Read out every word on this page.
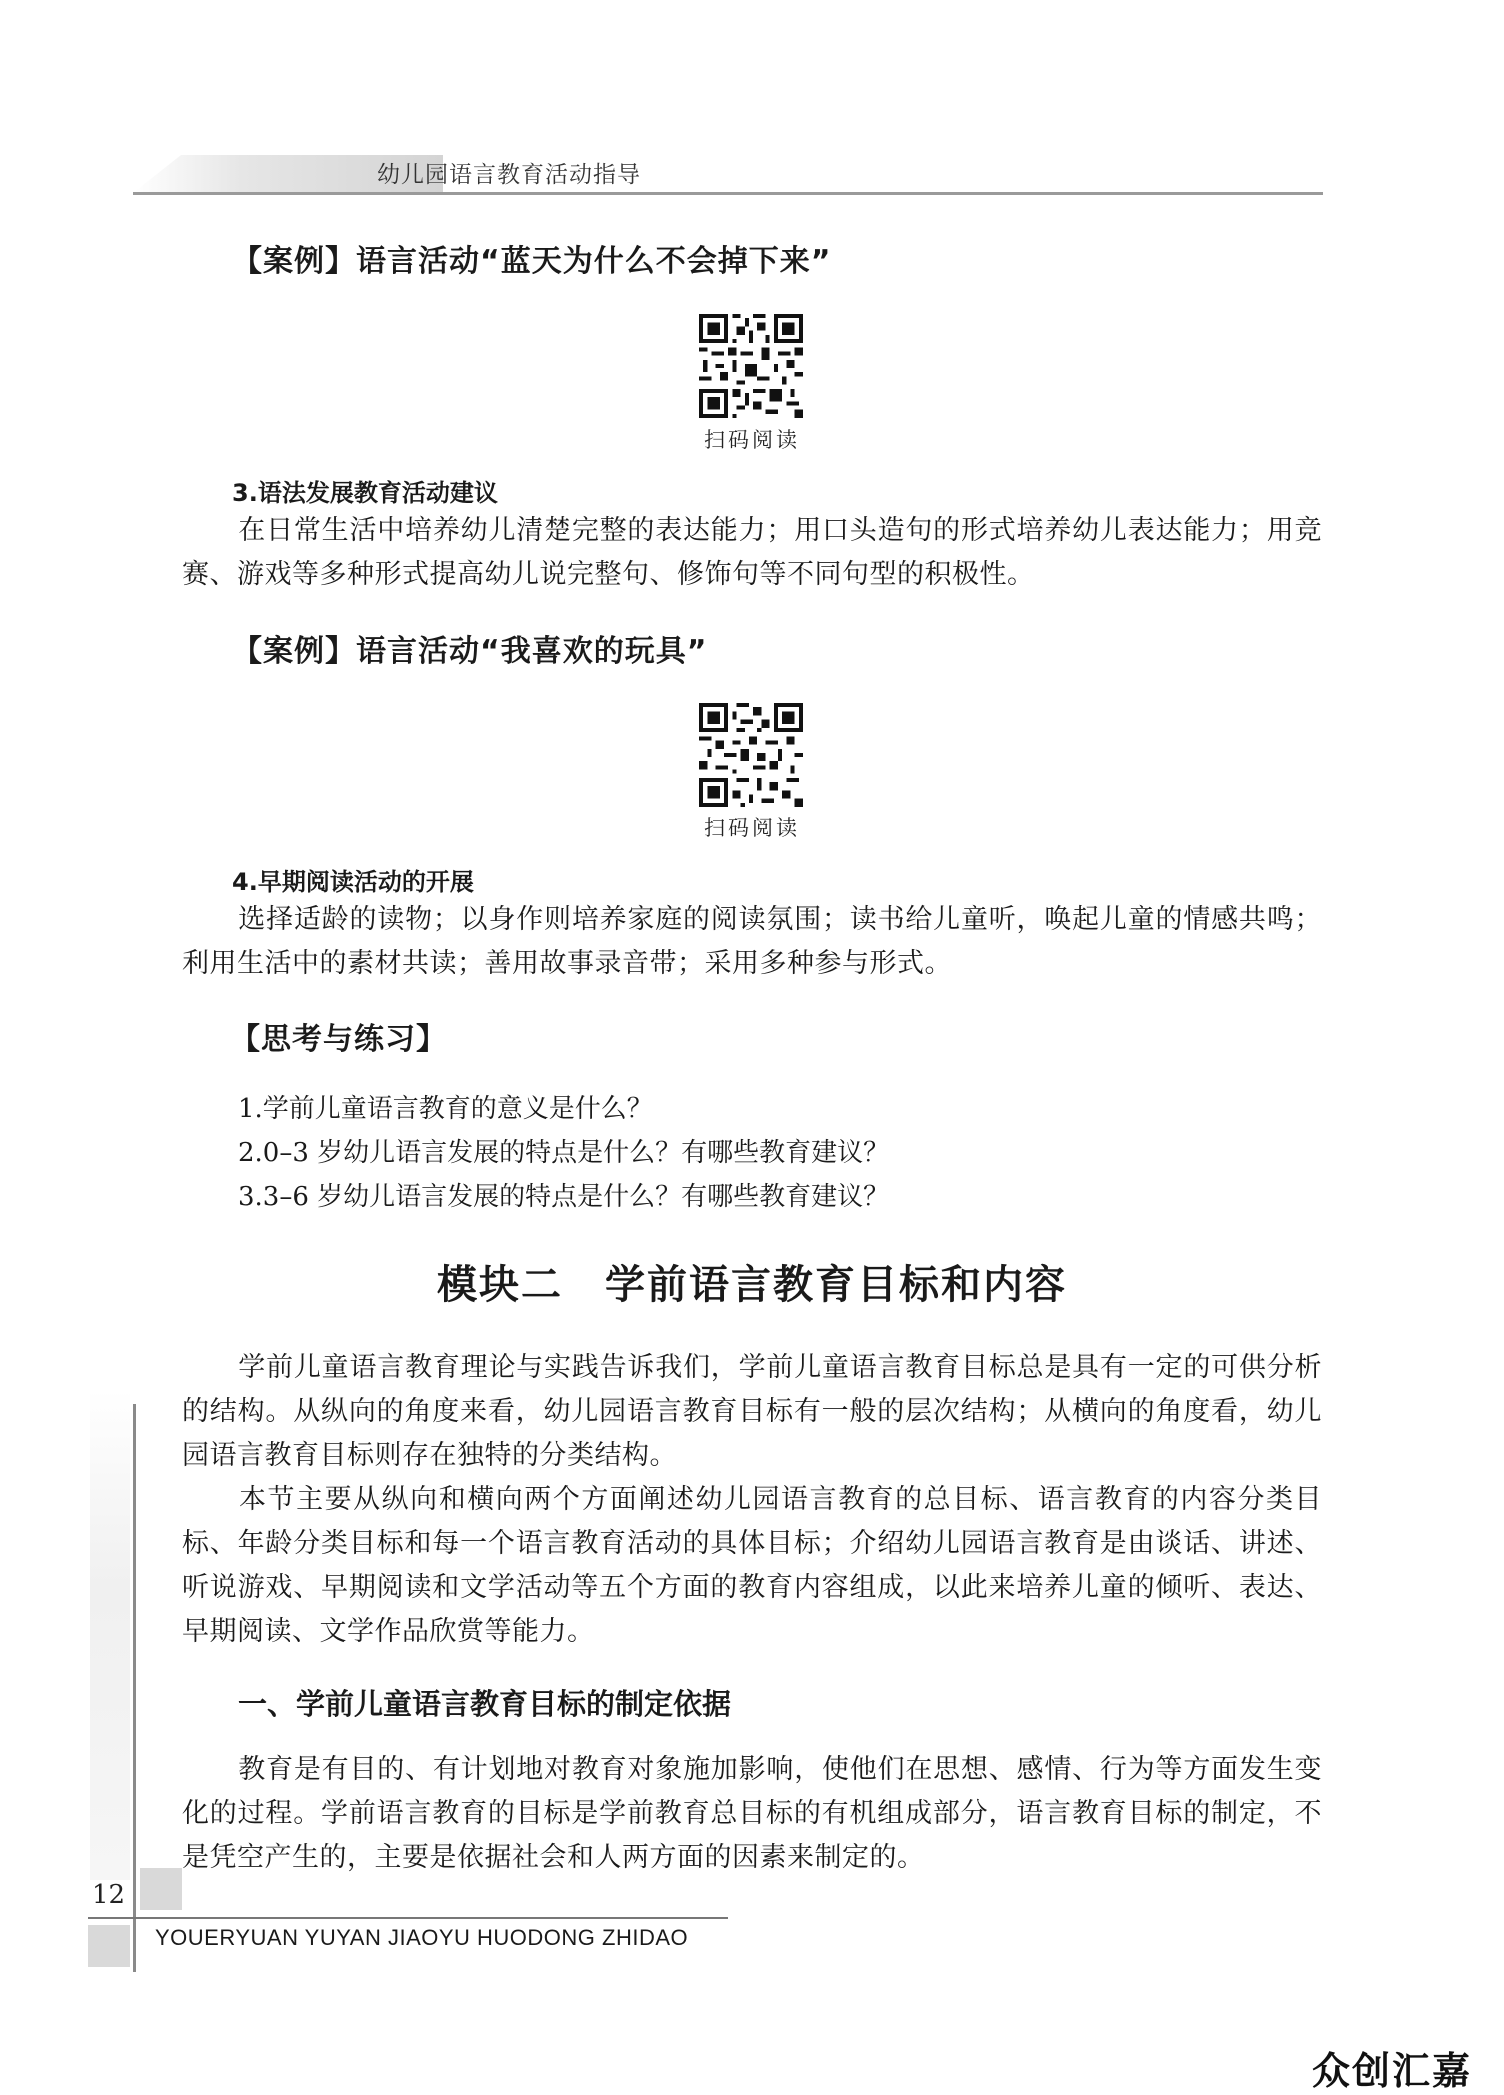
幼儿园语言教育活动指导
【案例】语言活动“蓝天为什么不会掉下来”
扫码阅读
3.语法发展教育活动建议
在日常生活中培养幼儿清楚完整的表达能力；用口头造句的形式培养幼儿表达能力；用竞赛、游戏等多种形式提高幼儿说完整句、修饰句等不同句型的积极性。
【案例】语言活动“我喜欢的玩具”
扫码阅读
4.早期阅读活动的开展
选择适龄的读物；以身作则培养家庭的阅读氛围；读书给儿童听，唤起儿童的情感共鸣；利用生活中的素材共读；善用故事录音带；采用多种参与形式。
【思考与练习】
1.学前儿童语言教育的意义是什么？
2.0–3 岁幼儿语言发展的特点是什么？有哪些教育建议？
3.3–6 岁幼儿语言发展的特点是什么？有哪些教育建议？
模块二　学前语言教育目标和内容
学前儿童语言教育理论与实践告诉我们，学前儿童语言教育目标总是具有一定的可供分析的结构。从纵向的角度来看，幼儿园语言教育目标有一般的层次结构；从横向的角度看，幼儿园语言教育目标则存在独特的分类结构。
本节主要从纵向和横向两个方面阐述幼儿园语言教育的总目标、语言教育的内容分类目标、年龄分类目标和每一个语言教育活动的具体目标；介绍幼儿园语言教育是由谈话、讲述、听说游戏、早期阅读和文学活动等五个方面的教育内容组成，以此来培养儿童的倾听、表达、早期阅读、文学作品欣赏等能力。
一、学前儿童语言教育目标的制定依据
教育是有目的、有计划地对教育对象施加影响，使他们在思想、感情、行为等方面发生变化的过程。学前语言教育的目标是学前教育总目标的有机组成部分，语言教育目标的制定，不是凭空产生的，主要是依据社会和人两方面的因素来制定的。
12
YOUERYUAN YUYAN JIAOYU HUODONG ZHIDAO
众创汇嘉
